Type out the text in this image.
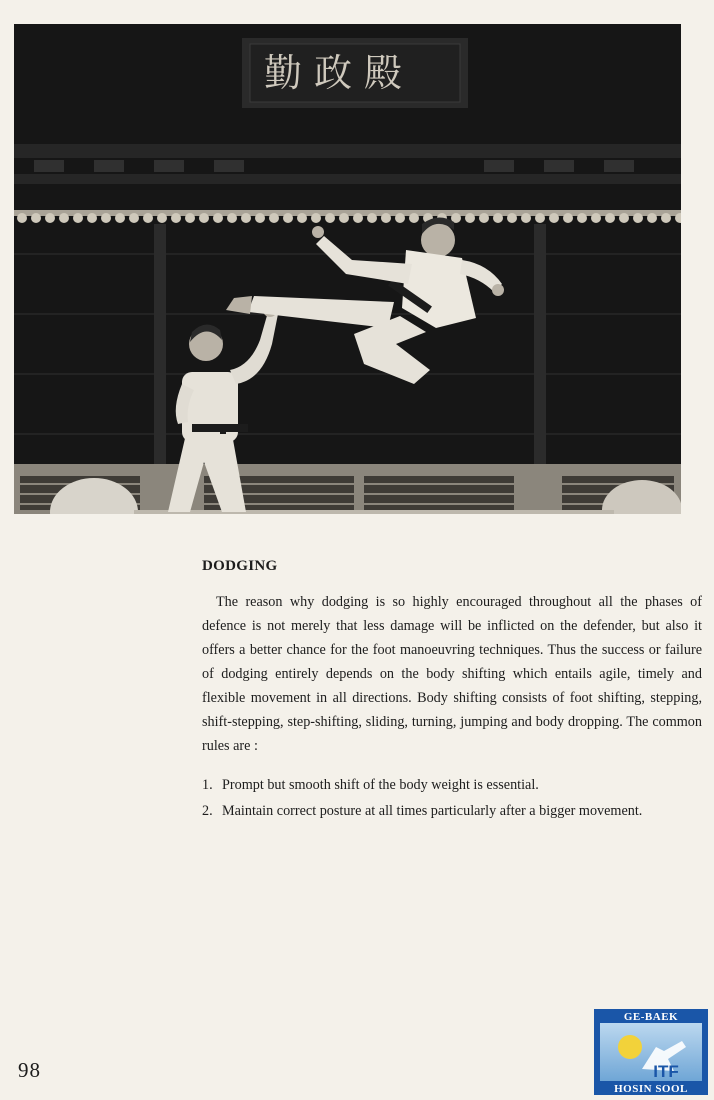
勤政殿
DODGING

The reason why dodging is so highly encouraged throughout all the phases of defence is not merely that less damage will be inflicted on the defender, but also it offers a better chance for the foot manoeuvring techniques. Thus the success or failure of dodging entirely depends on the body shifting which entails agile, timely and flexible movement in all directions. Body shifting consists of foot shifting, stepping, shift-stepping, step-shifting, sliding, turning, jumping and body dropping. The common rules are :

1. Prompt but smooth shift of the body weight is essential.
2. Maintain correct posture at all times particularly after a bigger movement.
98
GE-BAEK
ITF
HOSIN SOOL
